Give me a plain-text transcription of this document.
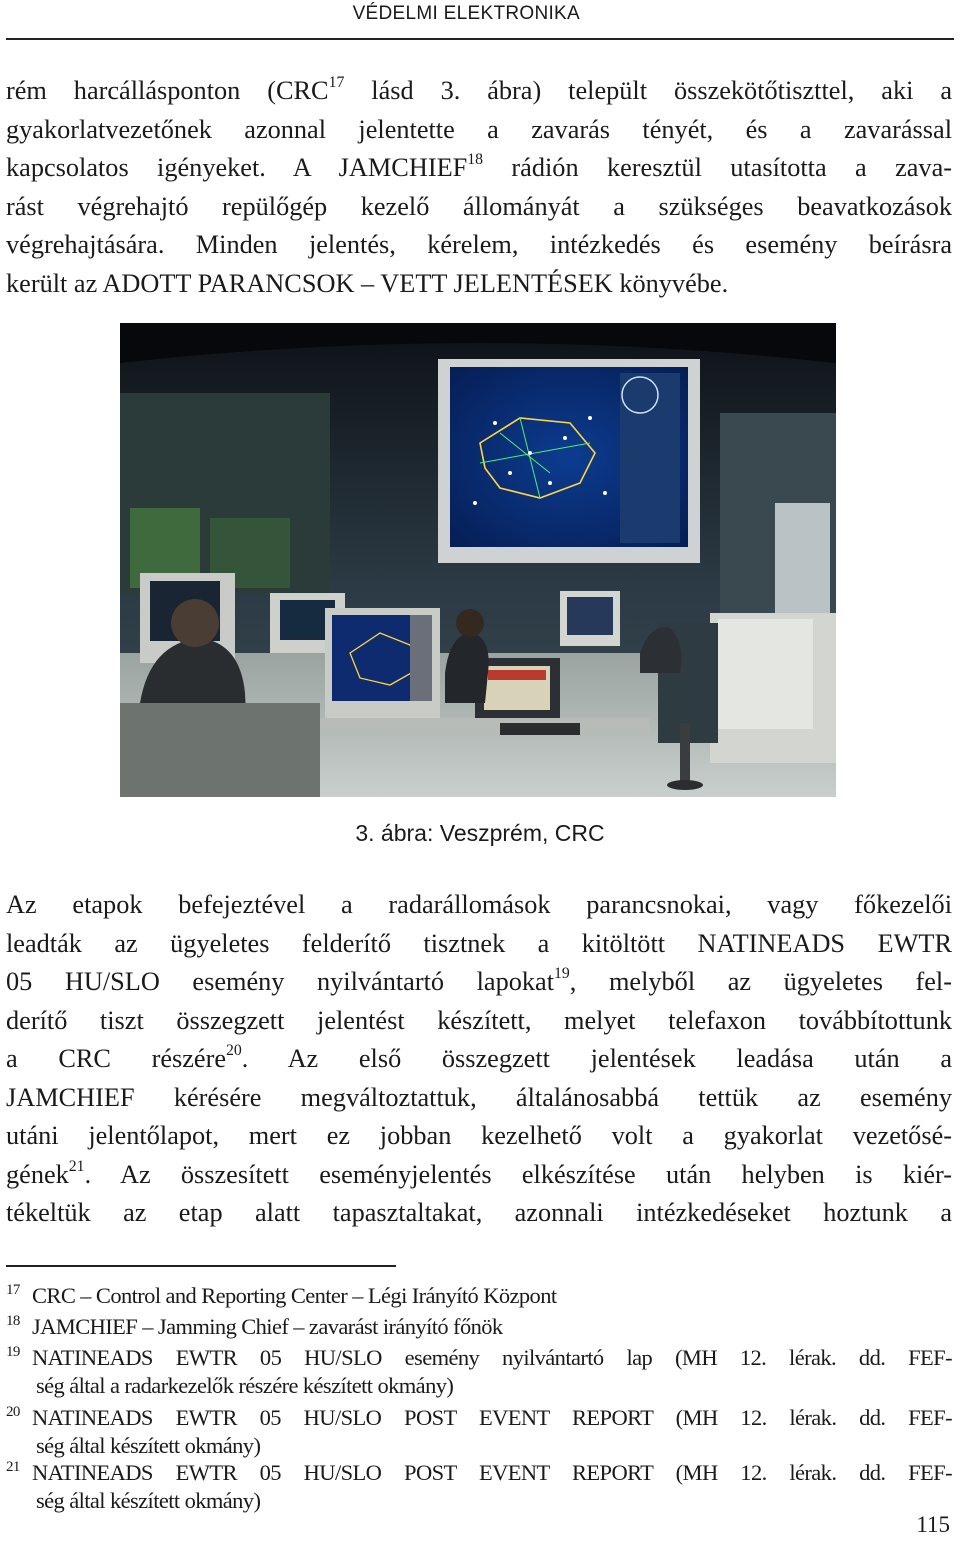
VÉDELMI ELEKTRONIKA
rém harcállásponton (CRC$^{17}$ lásd 3. ábra) települt összekötőtiszttel, aki a
gyakorlatvezetőnek azonnal jelentette a zavarás tényét, és a zavarással
kapcsolatos igényeket. A JAMCHIEF$^{18}$ rádión keresztül utasította a zava-
rást végrehajtó repülőgép kezelő állományát a szükséges beavatkozások
végrehajtására. Minden jelentés, kérelem, intézkedés és esemény beírásra
került az ADOTT PARANCSOK – VETT JELENTÉSEK könyvébe.
3. ábra: Veszprém, CRC
Az etapok befejeztével a radarállomások parancsnokai, vagy főkezelői
leadták az ügyeletes felderítő tisztnek a kitöltött NATINEADS EWTR
05 HU/SLO esemény nyilvántartó lapokat$^{19}$, melyből az ügyeletes fel-
derítő tiszt összegzett jelentést készített, melyet telefaxon továbbítottunk
a CRC részére$^{20}$. Az első összegzett jelentések leadása után a
JAMCHIEF kérésére megváltoztattuk, általánosabbá tettük az esemény
utáni jelentőlapot, mert ez jobban kezelhető volt a gyakorlat vezetősé-
gének$^{21}$. Az összesített eseményjelentés elkészítése után helyben is kiér-
tékeltük az etap alatt tapasztaltakat, azonnali intézkedéseket hoztunk a
17 CRC – Control and Reporting Center – Légi Irányító Központ
18 JAMCHIEF – Jamming Chief – zavarást irányító főnök
19 NATINEADS EWTR 05 HU/SLO esemény nyilvántartó lap (MH 12. lérak. dd. FEF-
ség által a radarkezelők részére készített okmány)
20 NATINEADS EWTR 05 HU/SLO POST EVENT REPORT (MH 12. lérak. dd. FEF-
ség által készített okmány)
21 NATINEADS EWTR 05 HU/SLO POST EVENT REPORT (MH 12. lérak. dd. FEF-
ség által készített okmány)
115
